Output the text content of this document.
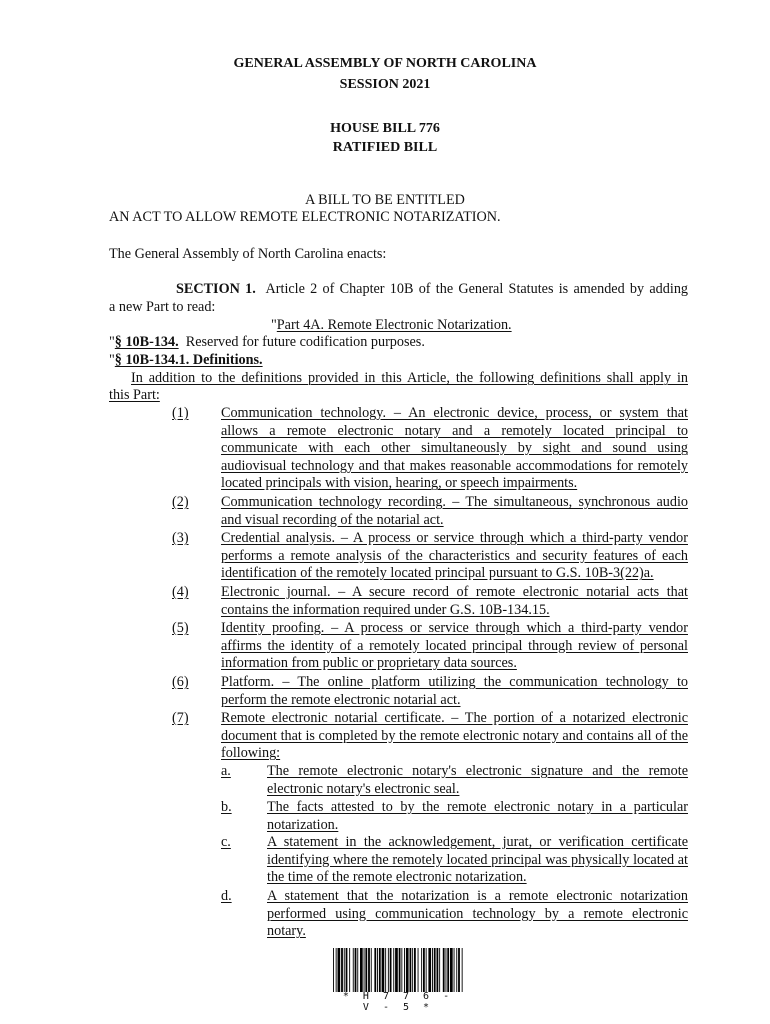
GENERAL ASSEMBLY OF NORTH CAROLINA
SESSION 2021
HOUSE BILL 776
RATIFIED BILL
A BILL TO BE ENTITLED
AN ACT TO ALLOW REMOTE ELECTRONIC NOTARIZATION.
The General Assembly of North Carolina enacts:
SECTION 1. Article 2 of Chapter 10B of the General Statutes is amended by adding
a new Part to read:
"Part 4A. Remote Electronic Notarization.
"§ 10B-134. Reserved for future codification purposes.
"§ 10B-134.1. Definitions.
In addition to the definitions provided in this Article, the following definitions shall apply in
this Part:
(1) Communication technology. – An electronic device, process, or system that allows a remote electronic notary and a remotely located principal to communicate with each other simultaneously by sight and sound using audiovisual technology and that makes reasonable accommodations for remotely located principals with vision, hearing, or speech impairments.
(2) Communication technology recording. – The simultaneous, synchronous audio and visual recording of the notarial act.
(3) Credential analysis. – A process or service through which a third-party vendor performs a remote analysis of the characteristics and security features of each identification of the remotely located principal pursuant to G.S. 10B-3(22)a.
(4) Electronic journal. – A secure record of remote electronic notarial acts that contains the information required under G.S. 10B-134.15.
(5) Identity proofing. – A process or service through which a third-party vendor affirms the identity of a remotely located principal through review of personal information from public or proprietary data sources.
(6) Platform. – The online platform utilizing the communication technology to perform the remote electronic notarial act.
(7) Remote electronic notarial certificate. – The portion of a notarized electronic document that is completed by the remote electronic notary and contains all of the following:
a.	The remote electronic notary's electronic signature and the remote electronic notary's electronic seal.
b. The facts attested to by the remote electronic notary in a particular notarization.
c.	A statement in the acknowledgement, jurat, or verification certificate identifying where the remotely located principal was physically located at the time of the remote electronic notarization.
d. A statement that the notarization is a remote electronic notarization performed using communication technology by a remote electronic notary.
* H 7 7 6 - V - 5 *
